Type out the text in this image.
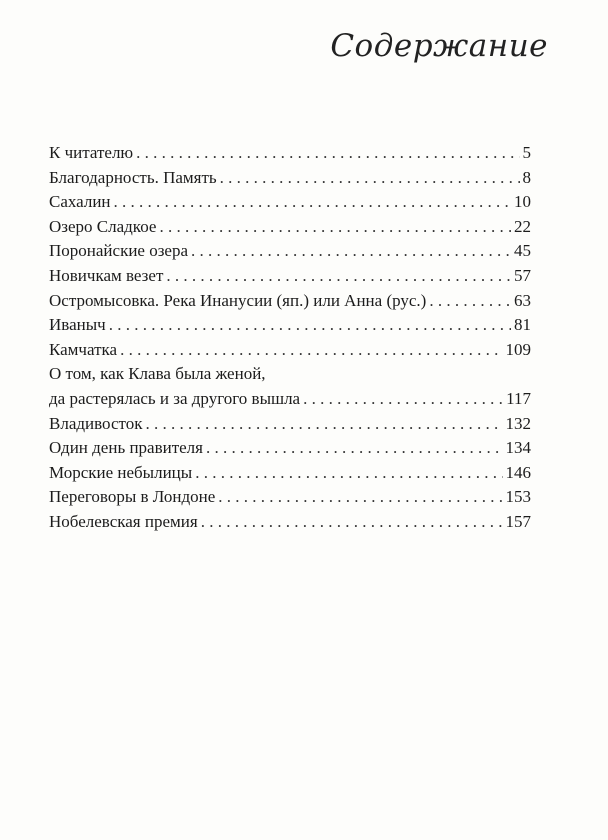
Содержание
К читателю . . .	5
Благодарность. Память . . .	8
Сахалин . . .	10
Озеро Сладкое . . .	22
Поронайские озера . . .	45
Новичкам везет . . .	57
Остромысовка. Река Инанусии (яп.) или Анна (рус.) . . .	63
Иваныч . . .	81
Камчатка . . .	109
О том, как Клава была женой,
да растерялась и за другого вышла . . .	117
Владивосток . . .	132
Один день правителя . . .	134
Морские небылицы . . .	146
Переговоры в Лондоне . . .	153
Нобелевская премия . . .	157
